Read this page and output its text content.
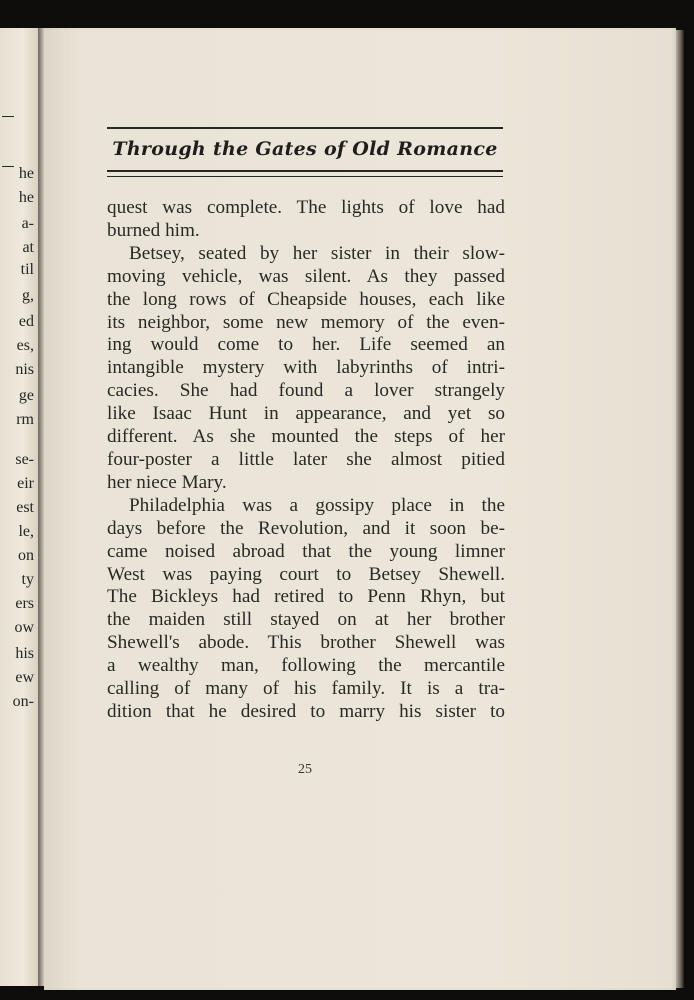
he
he
a-
at
til
g,
ed
es,
nis
ge
rm
se-
eir
est
le,
on
ty
ers
ow
his
ew
on-
Through the Gates of Old Romance
quest was complete. The lights of love had
burned him.
Betsey, seated by her sister in their slow-
moving vehicle, was silent. As they passed
the long rows of Cheapside houses, each like
its neighbor, some new memory of the even-
ing would come to her. Life seemed an
intangible mystery with labyrinths of intri-
cacies. She had found a lover strangely
like Isaac Hunt in appearance, and yet so
different. As she mounted the steps of her
four-poster a little later she almost pitied
her niece Mary.
Philadelphia was a gossipy place in the
days before the Revolution, and it soon be-
came noised abroad that the young limner
West was paying court to Betsey Shewell.
The Bickleys had retired to Penn Rhyn, but
the maiden still stayed on at her brother
Shewell's abode. This brother Shewell was
a wealthy man, following the mercantile
calling of many of his family. It is a tra-
dition that he desired to marry his sister to
25
